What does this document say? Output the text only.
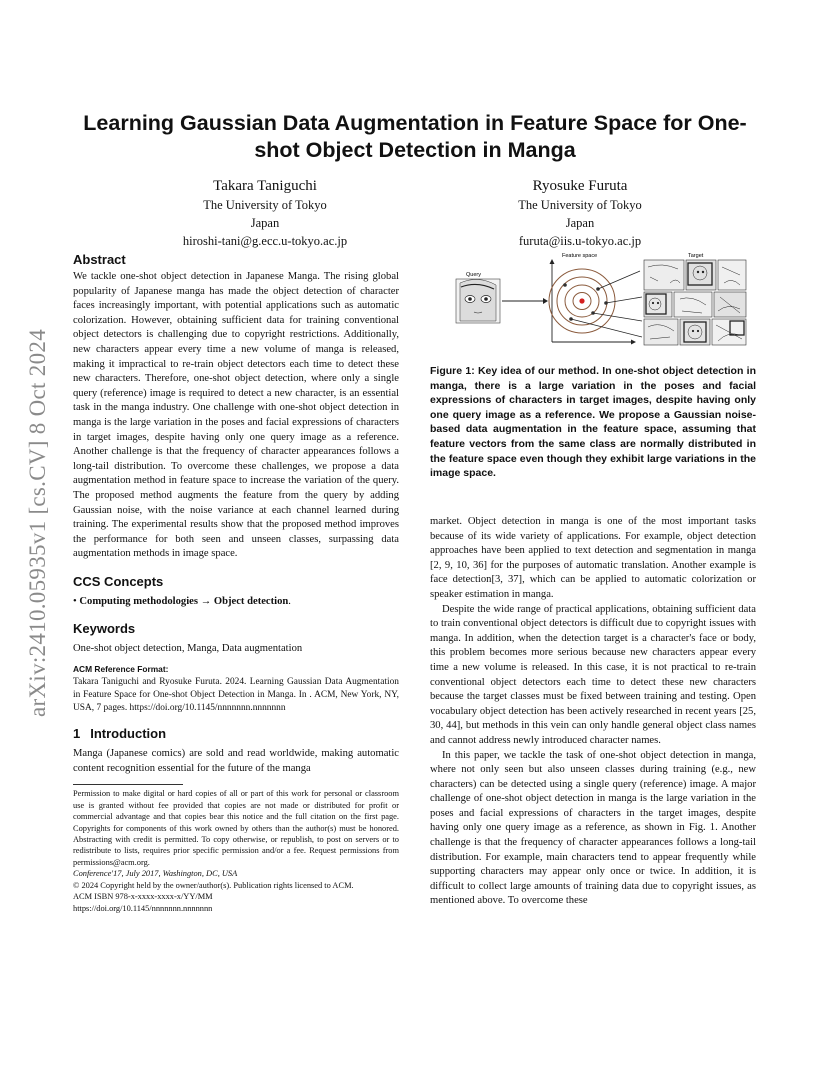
arXiv:2410.05935v1 [cs.CV] 8 Oct 2024
Learning Gaussian Data Augmentation in Feature Space for One-shot Object Detection in Manga
Takara Taniguchi
The University of Tokyo
Japan
hiroshi-tani@g.ecc.u-tokyo.ac.jp
Ryosuke Furuta
The University of Tokyo
Japan
furuta@iis.u-tokyo.ac.jp
Abstract

We tackle one-shot object detection in Japanese Manga. The rising global popularity of Japanese manga has made the object detection of character faces increasingly important, with potential applications such as automatic colorization. However, obtaining sufficient data for training conventional object detectors is challenging due to copyright restrictions. Additionally, new characters appear every time a new volume of manga is released, making it impractical to re-train object detectors each time to detect these new characters. Therefore, one-shot object detection, where only a single query (reference) image is required to detect a new character, is an essential task in the manga industry. One challenge with one-shot object detection in manga is the large variation in the poses and facial expressions of characters in target images, despite having only one query image as a reference. Another challenge is that the frequency of character appearances follows a long-tail distribution. To overcome these challenges, we propose a data augmentation method in feature space to increase the variation of the query. The proposed method augments the feature from the query by adding Gaussian noise, with the noise variance at each channel learned during training. The experimental results show that the proposed method improves the performance for both seen and unseen classes, surpassing data augmentation methods in image space.

CCS Concepts

• Computing methodologies → Object detection.

Keywords

One-shot object detection, Manga, Data augmentation

ACM Reference Format:

Takara Taniguchi and Ryosuke Furuta. 2024. Learning Gaussian Data Augmentation in Feature Space for One-shot Object Detection in Manga. In . ACM, New York, NY, USA, 7 pages. https://doi.org/10.1145/nnnnnnn.nnnnnnn

1 Introduction

Manga (Japanese comics) are sold and read worldwide, making automatic content recognition essential for the future of the manga

Permission to make digital or hard copies of all or part of this work for personal or classroom use is granted without fee provided that copies are not made or distributed for profit or commercial advantage and that copies bear this notice and the full citation on the first page. Copyrights for components of this work owned by others than the author(s) must be honored. Abstracting with credit is permitted. To copy otherwise, or republish, to post on servers or to redistribute to lists, requires prior specific permission and/or a fee. Request permissions from permissions@acm.org.

Conference'17, July 2017, Washington, DC, USA
© 2024 Copyright held by the owner/author(s). Publication rights licensed to ACM.
ACM ISBN 978-x-xxxx-xxxx-x/YY/MM
https://doi.org/10.1145/nnnnnnn.nnnnnnn
Query
Feature space	Target
Figure 1: Key idea of our method. In one-shot object detection in manga, there is a large variation in the poses and facial expressions of characters in target images, despite having only one query image as a reference. We propose a Gaussian noise-based data augmentation in the feature space, assuming that feature vectors from the same class are normally distributed in the feature space even though they exhibit large variations in the image space.

market. Object detection in manga is one of the most important tasks because of its wide variety of applications. For example, object detection approaches have been applied to text detection and segmentation in manga [2, 9, 10, 36] for the purposes of automatic translation. Another example is face detection[3, 37], which can be applied to automatic colorization or speaker estimation in manga.

Despite the wide range of practical applications, obtaining sufficient data to train conventional object detectors is difficult due to copyright issues with manga. In addition, when the detection target is a character's face or body, this problem becomes more serious because new characters appear every time a new volume is released. In this case, it is not practical to re-train conventional object detectors each time to detect these new characters because the target classes must be fixed between training and testing. Open vocabulary object detection has been actively researched in recent years [25, 30, 44], but methods in this vein can only handle general object class names and cannot address newly introduced character names.

In this paper, we tackle the task of one-shot object detection in manga, where not only seen but also unseen classes during training (e.g., new characters) can be detected using a single query (reference) image. A major challenge of one-shot object detection in manga is the large variation in the poses and facial expressions of characters in the target images, despite having only one query image as a reference, as shown in Fig. 1. Another challenge is that the frequency of character appearances follows a long-tail distribution. For example, main characters tend to appear frequently while supporting characters may appear only once or twice. In addition, it is difficult to collect large amounts of training data due to copyright issues, as mentioned above. To overcome these
